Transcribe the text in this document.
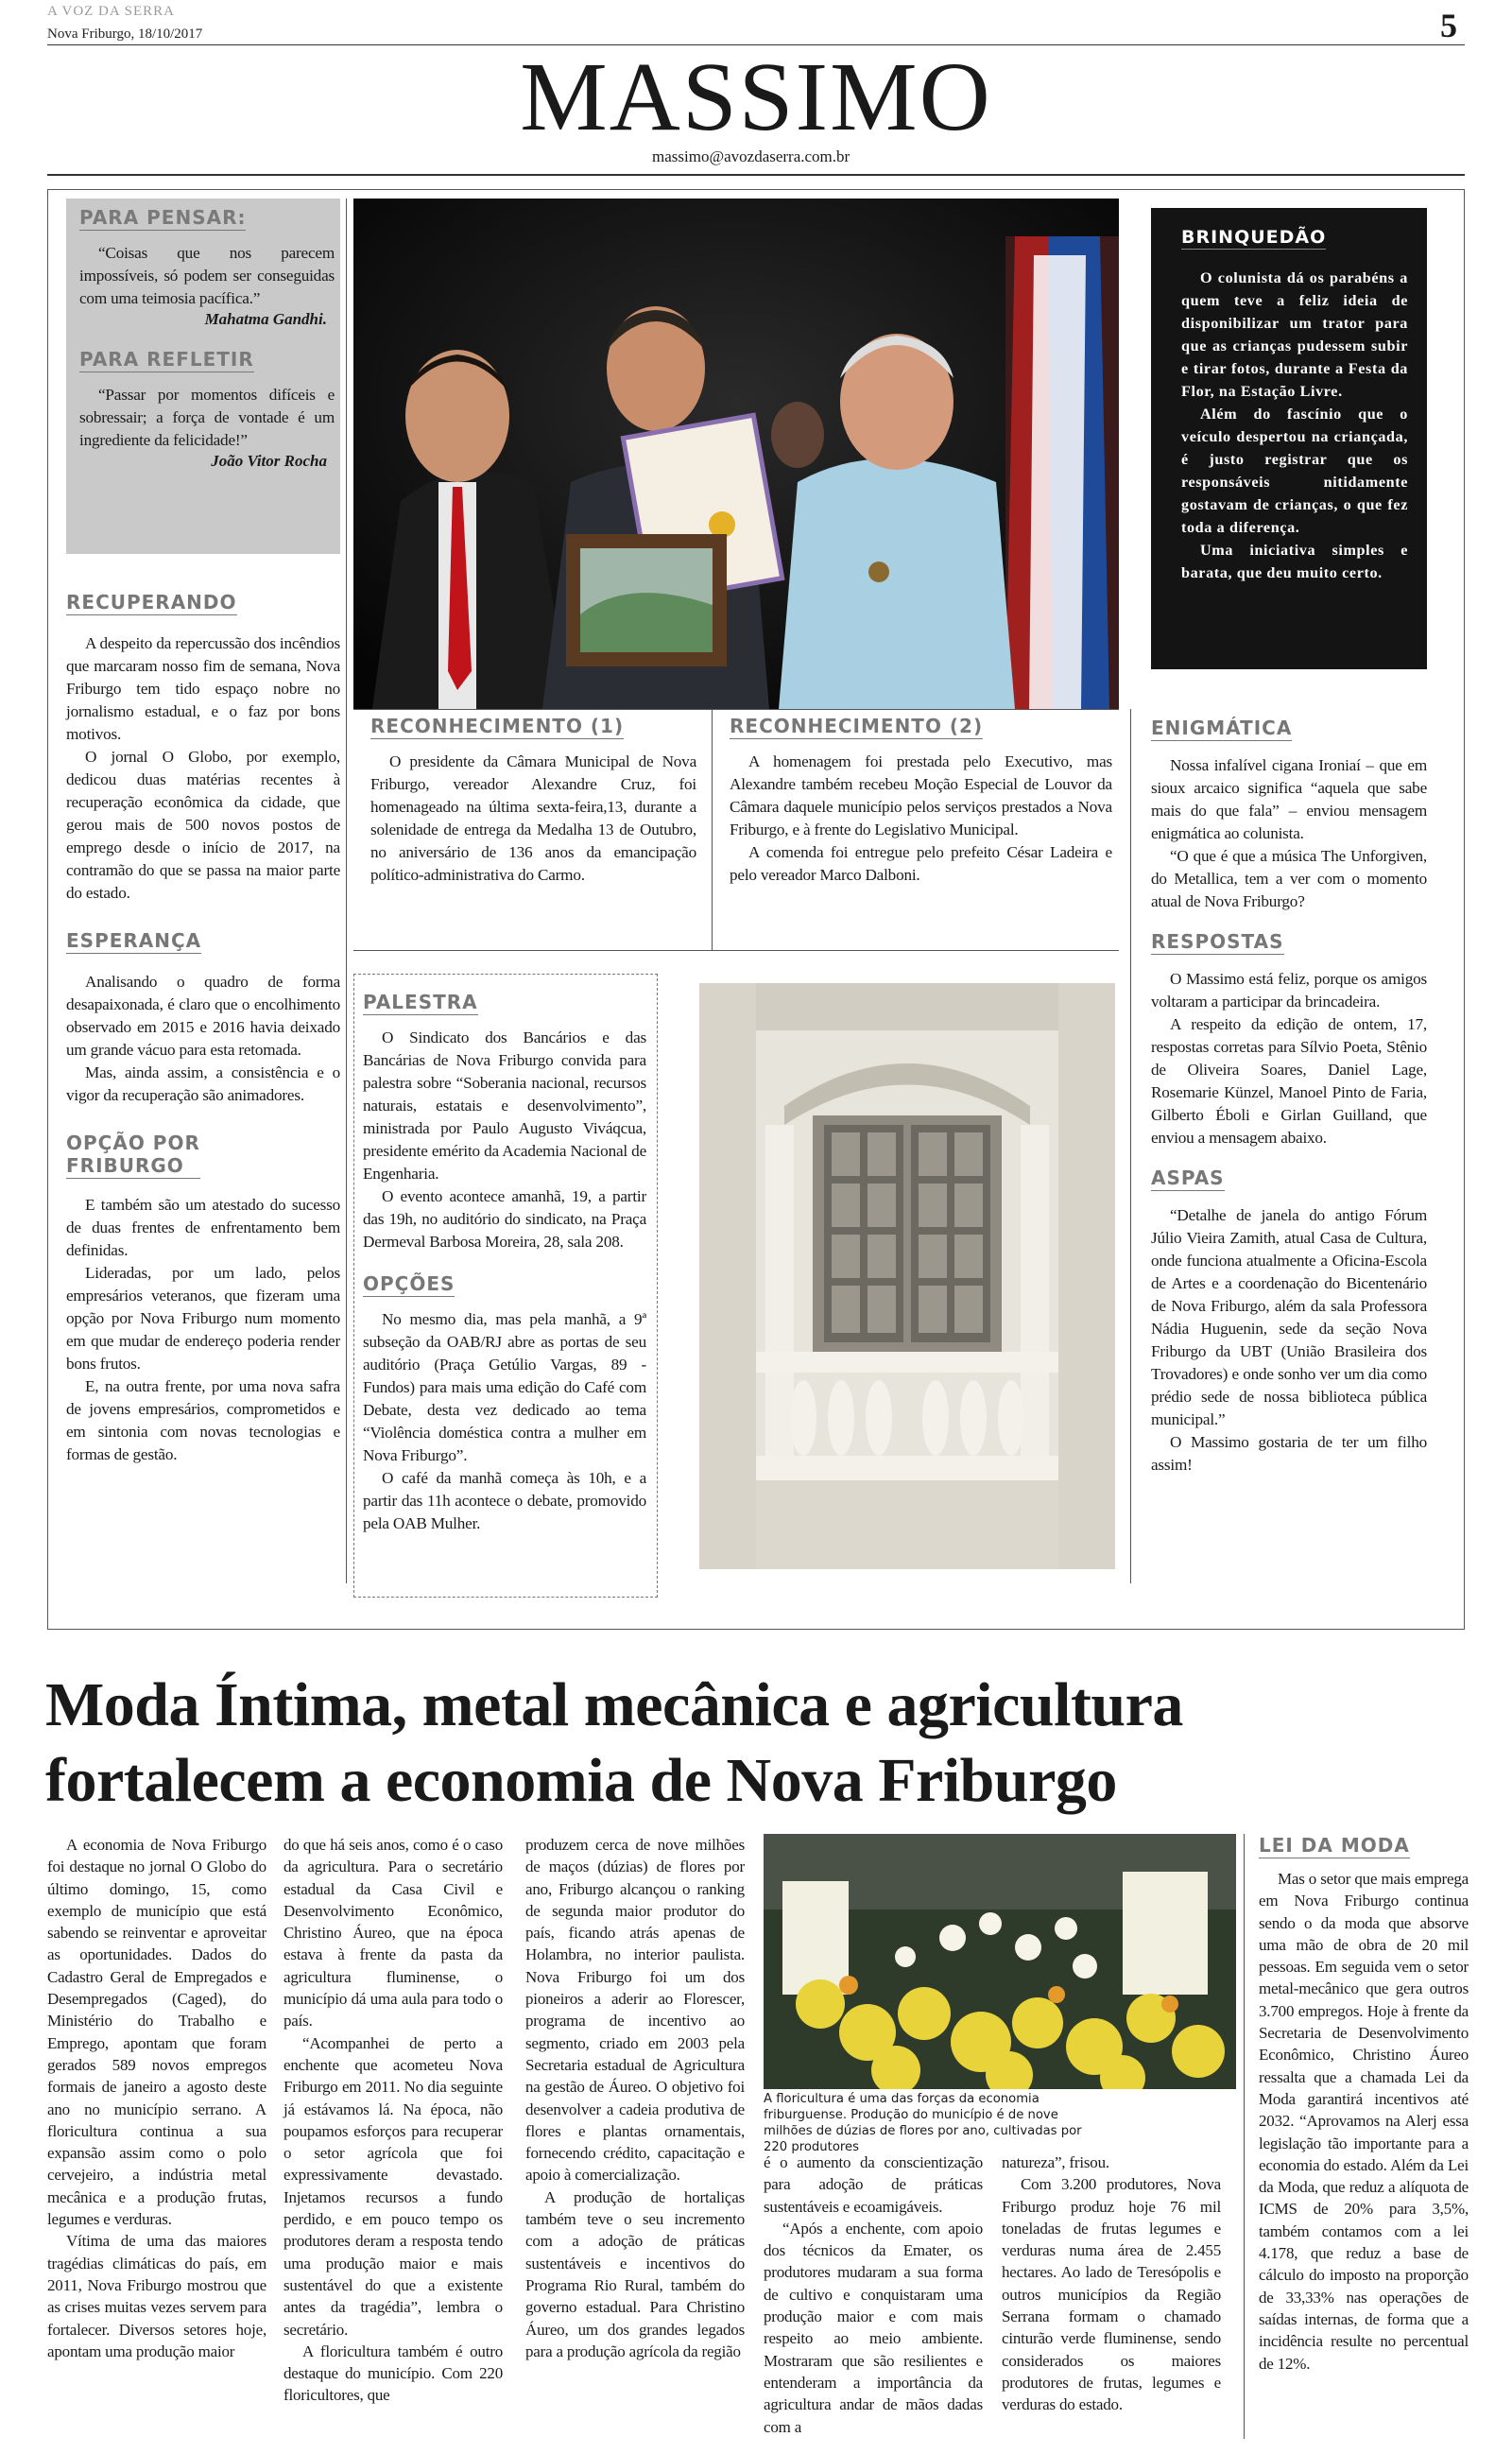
A VOZ DA SERRA
Nova Friburgo, 18/10/2017	5
MASSIMO
massimo@avozdaserra.com.br
PARA PENSAR:
“Coisas que nos parecem impossíveis, só podem ser conseguidas com uma teimosia pacífica.”
Mahatma Gandhi.
PARA REFLETIR
“Passar por momentos difíceis e sobressair; a força de vontade é um ingrediente da felicidade!”
João Vitor Rocha
RECUPERANDO

A despeito da repercussão dos incêndios que marcaram nosso fim de semana, Nova Friburgo tem tido espaço nobre no jornalismo estadual, e o faz por bons motivos.

O jornal O Globo, por exemplo, dedicou duas matérias recentes à recuperação econômica da cidade, que gerou mais de 500 novos postos de emprego desde o início de 2017, na contramão do que se passa na maior parte do estado.

ESPERANÇA

Analisando o quadro de forma desapaixonada, é claro que o encolhimento observado em 2015 e 2016 havia deixado um grande vácuo para esta retomada.

Mas, ainda assim, a consistência e o vigor da recuperação são animadores.

OPÇÃO POR
FRIBURGO

E também são um atestado do sucesso de duas frentes de enfrentamento bem definidas.

Lideradas, por um lado, pelos empresários veteranos, que fizeram uma opção por Nova Friburgo num momento em que mudar de endereço poderia render bons frutos.

E, na outra frente, por uma nova safra de jovens empresários, comprometidos e em sintonia com novas tecnologias e formas de gestão.

BRINQUEDÃO

O colunista dá os parabéns a quem teve a feliz ideia de disponibilizar um trator para que as crianças pudessem subir e tirar fotos, durante a Festa da Flor, na Estação Livre.

Além do fascínio que o veículo despertou na criançada, é justo registrar que os responsáveis nitidamente gostavam de crianças, o que fez toda a diferença.

Uma iniciativa simples e barata, que deu muito certo.

RECONHECIMENTO (1)

O presidente da Câmara Municipal de Nova Friburgo, vereador Alexandre Cruz, foi homenageado na última sexta-feira,13, durante a solenidade de entrega da Medalha 13 de Outubro, no aniversário de 136 anos da emancipação político-administrativa do Carmo.

RECONHECIMENTO (2)

A homenagem foi prestada pelo Executivo, mas Alexandre também recebeu Moção Especial de Louvor da Câmara daquele município pelos serviços prestados a Nova Friburgo, e à frente do Legislativo Municipal.

A comenda foi entregue pelo prefeito César Ladeira e pelo vereador Marco Dalboni.

PALESTRA

O Sindicato dos Bancários e das Bancárias de Nova Friburgo convida para palestra sobre “Soberania nacional, recursos naturais, estatais e desenvolvimento”, ministrada por Paulo Augusto Viváqcua, presidente emérito da Academia Nacional de Engenharia.

O evento acontece amanhã, 19, a partir das 19h, no auditório do sindicato, na Praça Dermeval Barbosa Moreira, 28, sala 208.

OPÇÕES

No mesmo dia, mas pela manhã, a 9ª subseção da OAB/RJ abre as portas de seu auditório (Praça Getúlio Vargas, 89 - Fundos) para mais uma edição do Café com Debate, desta vez dedicado ao tema “Violência doméstica contra a mulher em Nova Friburgo”.

O café da manhã começa às 10h, e a partir das 11h acontece o debate, promovido pela OAB Mulher.

ENIGMÁTICA

Nossa infalível cigana Ironiaí – que em sioux arcaico significa “aquela que sabe mais do que fala” – enviou mensagem enigmática ao colunista.

“O que é que a música The Unforgiven, do Metallica, tem a ver com o momento atual de Nova Friburgo?

RESPOSTAS

O Massimo está feliz, porque os amigos voltaram a participar da brincadeira.

A respeito da edição de ontem, 17, respostas corretas para Sílvio Poeta, Stênio de Oliveira Soares, Daniel Lage, Rosemarie Künzel, Manoel Pinto de Faria, Gilberto Éboli e Girlan Guilland, que enviou a mensagem abaixo.

ASPAS

“Detalhe de janela do antigo Fórum Júlio Vieira Zamith, atual Casa de Cultura, onde funciona atualmente a Oficina-Escola de Artes e a coordenação do Bicentenário de Nova Friburgo, além da sala Professora Nádia Huguenin, sede da seção Nova Friburgo da UBT (União Brasileira dos Trovadores) e onde sonho ver um dia como prédio sede de nossa biblioteca pública municipal.”

O Massimo gostaria de ter um filho assim!

Moda Íntima, metal mecânica e agricultura
fortalecem a economia de Nova Friburgo

A economia de Nova Friburgo foi destaque no jornal O Globo do último domingo, 15, como exemplo de município que está sabendo se reinventar e aproveitar as oportunidades. Dados do Cadastro Geral de Empregados e Desempregados (Caged), do Ministério do Trabalho e Emprego, apontam que foram gerados 589 novos empregos formais de janeiro a agosto deste ano no município serrano. A floricultura continua a sua expansão assim como o polo cervejeiro, a indústria metal mecânica e a produção frutas, legumes e verduras.

Vítima de uma das maiores tragédias climáticas do país, em 2011, Nova Friburgo mostrou que as crises muitas vezes servem para fortalecer. Diversos setores hoje, apontam uma produção maior

do que há seis anos, como é o caso da agricultura. Para o secretário estadual da Casa Civil e Desenvolvimento Econômico, Christino Áureo, que na época estava à frente da pasta da agricultura fluminense, o município dá uma aula para todo o país.

“Acompanhei de perto a enchente que acometeu Nova Friburgo em 2011. No dia seguinte já estávamos lá. Na época, não poupamos esforços para recuperar o setor agrícola que foi expressivamente devastado. Injetamos recursos a fundo perdido, e em pouco tempo os produtores deram a resposta tendo uma produção maior e mais sustentável do que a existente antes da tragédia”, lembra o secretário.

A floricultura também é outro destaque do município. Com 220 floricultores, que

produzem cerca de nove milhões de maços (dúzias) de flores por ano, Friburgo alcançou o ranking de segunda maior produtor do país, ficando atrás apenas de Holambra, no interior paulista. Nova Friburgo foi um dos pioneiros a aderir ao Florescer, programa de incentivo ao segmento, criado em 2003 pela Secretaria estadual de Agricultura na gestão de Áureo. O objetivo foi desenvolver a cadeia produtiva de flores e plantas ornamentais, fornecendo crédito, capacitação e apoio à comercialização.

A produção de hortaliças também teve o seu incremento com a adoção de práticas sustentáveis e incentivos do Programa Rio Rural, também do governo estadual. Para Christino Áureo, um dos grandes legados para a produção agrícola da região

A floricultura é uma das forças da economia friburguense. Produção do município é de nove milhões de dúzias de flores por ano, cultivadas por 220 produtores

é o aumento da conscientização para adoção de práticas sustentáveis e ecoamigáveis.

“Após a enchente, com apoio dos técnicos da Emater, os produtores mudaram a sua forma de cultivo e conquistaram uma produção maior e com mais respeito ao meio ambiente. Mostraram que são resilientes e entenderam a importância da agricultura andar de mãos dadas com a

natureza”, frisou.

Com 3.200 produtores, Nova Friburgo produz hoje 76 mil toneladas de frutas legumes e verduras numa área de 2.455 hectares. Ao lado de Teresópolis e outros municípios da Região Serrana formam o chamado cinturão verde fluminense, sendo considerados os maiores produtores de frutas, legumes e verduras do estado.

LEI DA MODA

Mas o setor que mais emprega em Nova Friburgo continua sendo o da moda que absorve uma mão de obra de 20 mil pessoas. Em seguida vem o setor metal-mecânico que gera outros 3.700 empregos. Hoje à frente da Secretaria de Desenvolvimento Econômico, Christino Áureo ressalta que a chamada Lei da Moda garantirá incentivos até 2032. “Aprovamos na Alerj essa legislação tão importante para a economia do estado. Além da Lei da Moda, que reduz a alíquota de ICMS de 20% para 3,5%, também contamos com a lei 4.178, que reduz a base de cálculo do imposto na proporção de 33,33% nas operações de saídas internas, de forma que a incidência resulte no percentual de 12%.
